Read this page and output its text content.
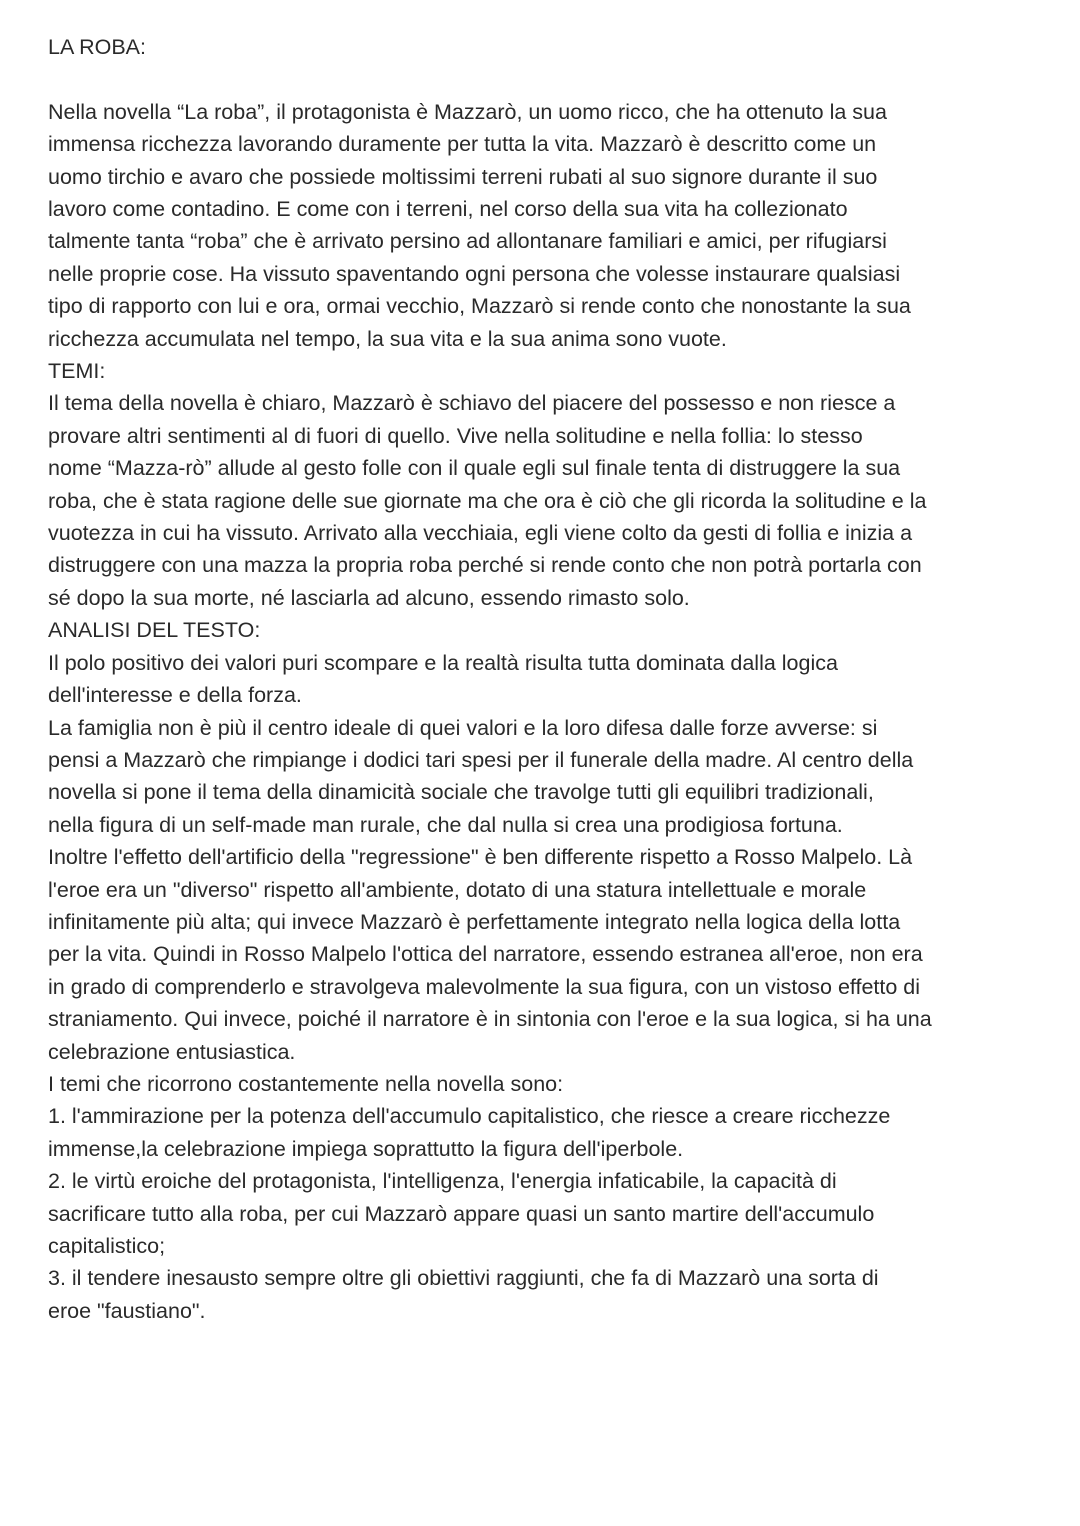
LA ROBA:
Nella novella “La roba”, il protagonista è Mazzarò, un uomo ricco, che ha ottenuto la sua
immensa ricchezza lavorando duramente per tutta la vita. Mazzarò è descritto come un
uomo tirchio e avaro che possiede moltissimi terreni rubati al suo signore durante il suo
lavoro come contadino. E come con i terreni, nel corso della sua vita ha collezionato
talmente tanta “roba” che è arrivato persino ad allontanare familiari e amici, per rifugiarsi
nelle proprie cose. Ha vissuto spaventando ogni persona che volesse instaurare qualsiasi
tipo di rapporto con lui e ora, ormai vecchio, Mazzarò si rende conto che nonostante la sua
ricchezza accumulata nel tempo, la sua vita e la sua anima sono vuote.
TEMI:
Il tema della novella è chiaro, Mazzarò è schiavo del piacere del possesso e non riesce a
provare altri sentimenti al di fuori di quello. Vive nella solitudine e nella follia: lo stesso
nome “Mazza-rò” allude al gesto folle con il quale egli sul finale tenta di distruggere la sua
roba, che è stata ragione delle sue giornate ma che ora è ciò che gli ricorda la solitudine e la
vuotezza in cui ha vissuto. Arrivato alla vecchiaia, egli viene colto da gesti di follia e inizia a
distruggere con una mazza la propria roba perché si rende conto che non potrà portarla con
sé dopo la sua morte, né lasciarla ad alcuno, essendo rimasto solo.
ANALISI DEL TESTO:
Il polo positivo dei valori puri scompare e la realtà risulta tutta dominata dalla logica
dell'interesse e della forza.
La famiglia non è più il centro ideale di quei valori e la loro difesa dalle forze avverse: si
pensi a Mazzarò che rimpiange i dodici tari spesi per il funerale della madre. Al centro della
novella si pone il tema della dinamicità sociale che travolge tutti gli equilibri tradizionali,
nella figura di un self-made man rurale, che dal nulla si crea una prodigiosa fortuna.
Inoltre l'effetto dell'artificio della "regressione" è ben differente rispetto a Rosso Malpelo. Là
l'eroe era un "diverso" rispetto all'ambiente, dotato di una statura intellettuale e morale
infinitamente più alta; qui invece Mazzarò è perfettamente integrato nella logica della lotta
per la vita. Quindi in Rosso Malpelo l'ottica del narratore, essendo estranea all'eroe, non era
in grado di comprenderlo e stravolgeva malevolmente la sua figura, con un vistoso effetto di
straniamento. Qui invece, poiché il narratore è in sintonia con l'eroe e la sua logica, si ha una
celebrazione entusiastica.
I temi che ricorrono costantemente nella novella sono:
1. l'ammirazione per la potenza dell'accumulo capitalistico, che riesce a creare ricchezze
immense,la celebrazione impiega soprattutto la figura dell'iperbole.
2. le virtù eroiche del protagonista, l'intelligenza, l'energia infaticabile, la capacità di
sacrificare tutto alla roba, per cui Mazzarò appare quasi un santo martire dell'accumulo
capitalistico;
3. il tendere inesausto sempre oltre gli obiettivi raggiunti, che fa di Mazzarò una sorta di
eroe "faustiano".
